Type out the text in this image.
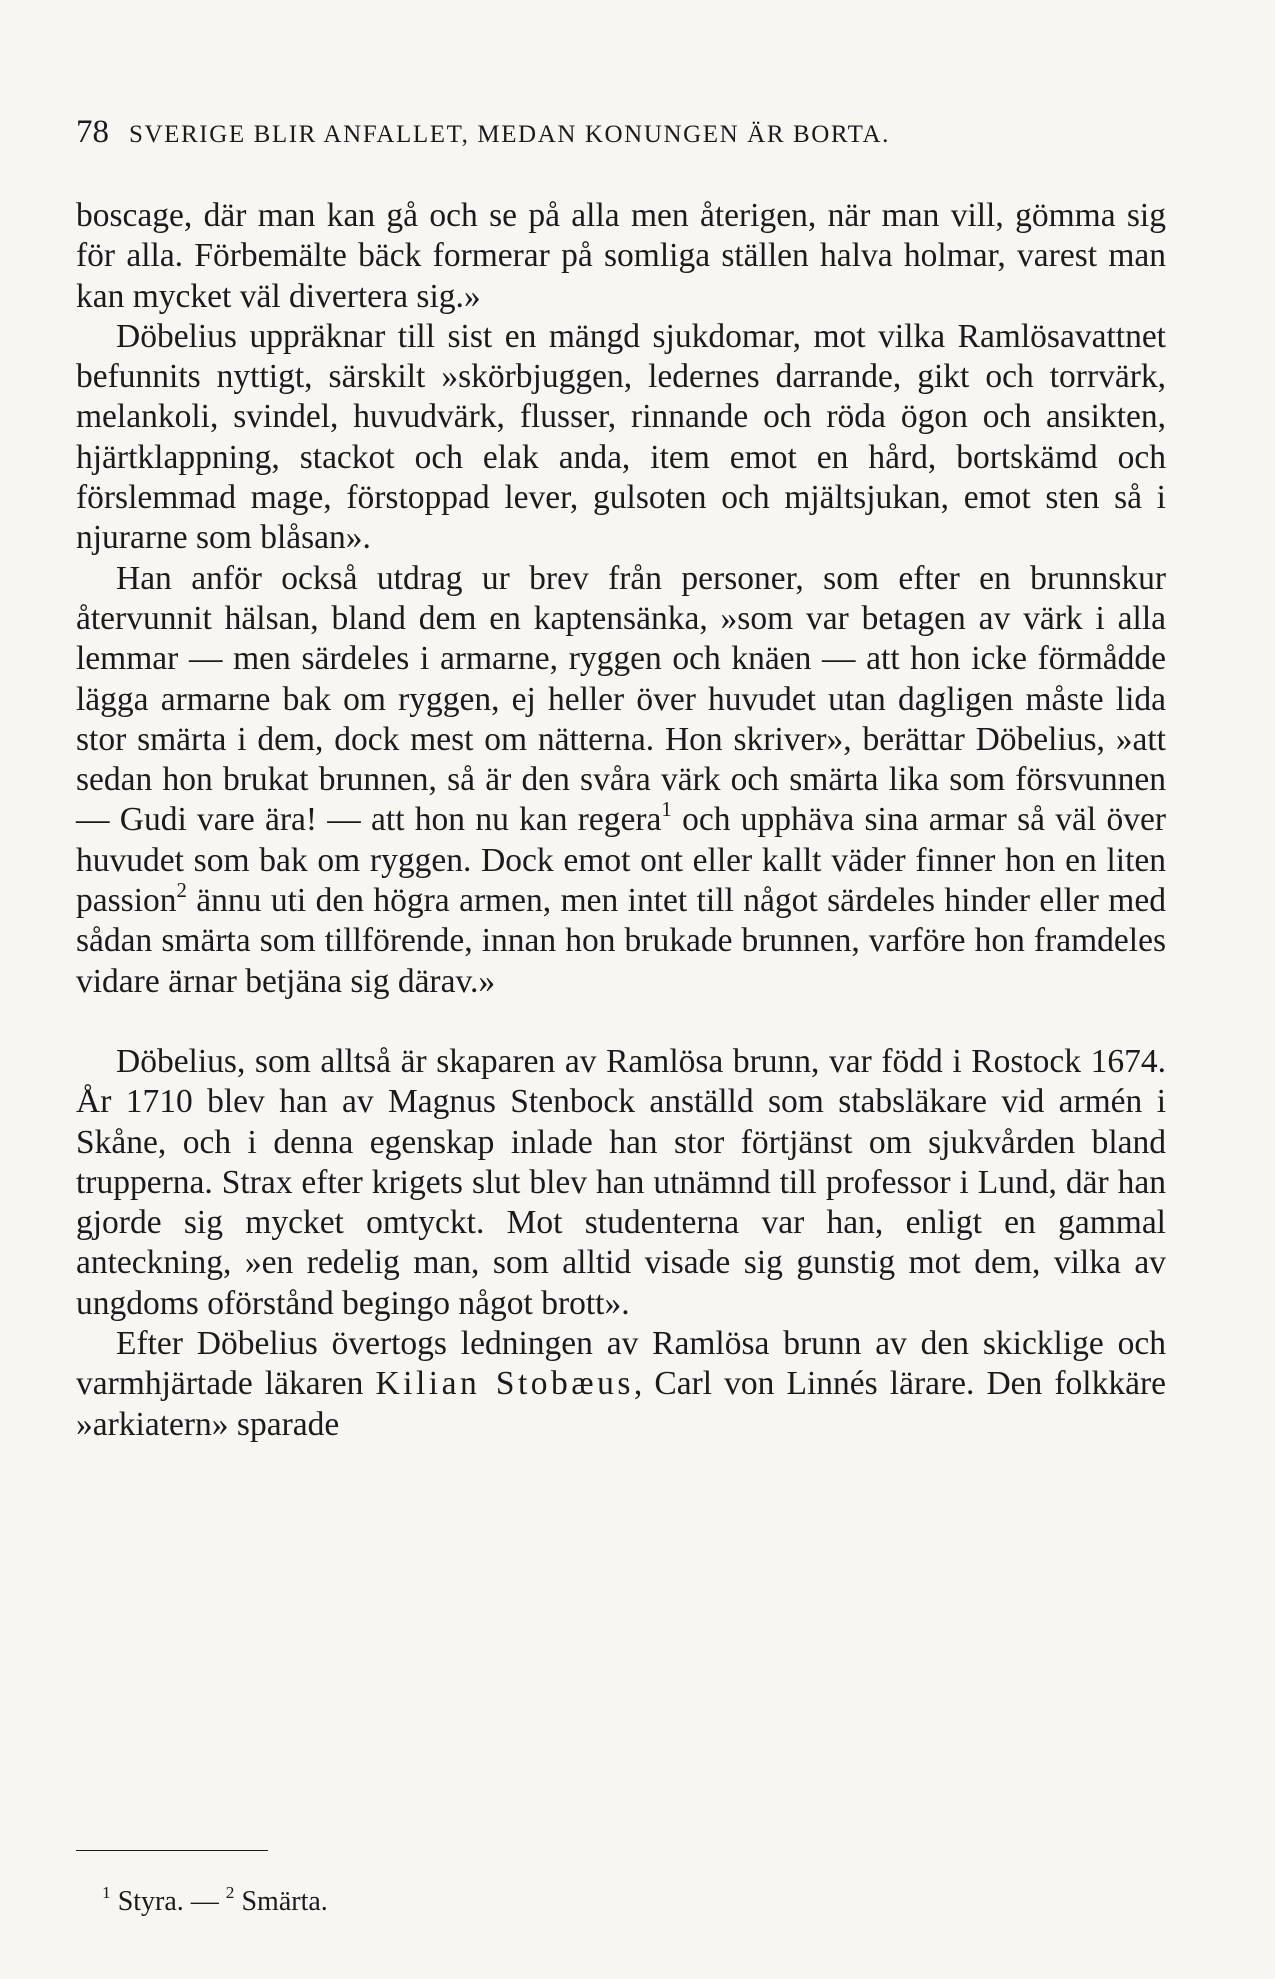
78 SVERIGE BLIR ANFALLET, MEDAN KONUNGEN ÄR BORTA.

boscage, där man kan gå och se på alla men återigen, när man vill, gömma sig för alla. Förbemälte bäck formerar på somliga ställen halva holmar, varest man kan mycket väl divertera sig.»

Döbelius uppräknar till sist en mängd sjukdomar, mot vilka Ramlösavattnet befunnits nyttigt, särskilt »skörbjuggen, ledernes darrande, gikt och torrvärk, melankoli, svindel, huvudvärk, flusser, rinnande och röda ögon och ansikten, hjärtklappning, stackot och elak anda, item emot en hård, bortskämd och förslemmad mage, förstoppad lever, gulsoten och mjältsjukan, emot sten så i njurarne som blåsan».

Han anför också utdrag ur brev från personer, som efter en brunnskur återvunnit hälsan, bland dem en kaptensänka, »som var betagen av värk i alla lemmar — men särdeles i armarne, ryggen och knäen — att hon icke förmådde lägga armarne bak om ryggen, ej heller över huvudet utan dagligen måste lida stor smärta i dem, dock mest om nätterna. Hon skriver», berättar Döbelius, »att sedan hon brukat brunnen, så är den svåra värk och smärta lika som försvunnen — Gudi vare ära! — att hon nu kan regera$^1$ och upphäva sina armar så väl över huvudet som bak om ryggen. Dock emot ont eller kallt väder finner hon en liten passion$^2$ ännu uti den högra armen, men intet till något särdeles hinder eller med sådan smärta som tillförende, innan hon brukade brunnen, varföre hon framdeles vidare ärnar betjäna sig därav.»

Döbelius, som alltså är skaparen av Ramlösa brunn, var född i Rostock 1674. År 1710 blev han av Magnus Stenbock anställd som stabsläkare vid armén i Skåne, och i denna egenskap inlade han stor förtjänst om sjukvården bland trupperna. Strax efter krigets slut blev han utnämnd till professor i Lund, där han gjorde sig mycket omtyckt. Mot studenterna var han, enligt en gammal anteckning, »en redelig man, som alltid visade sig gunstig mot dem, vilka av ungdoms oförstånd begingo något brott».

Efter Döbelius övertogs ledningen av Ramlösa brunn av den skicklige och varmhjärtade läkaren Kilian Stobæus, Carl von Linnés lärare. Den folkkäre »arkiatern» sparade

$^1$ Styra. — $^2$ Smärta.
